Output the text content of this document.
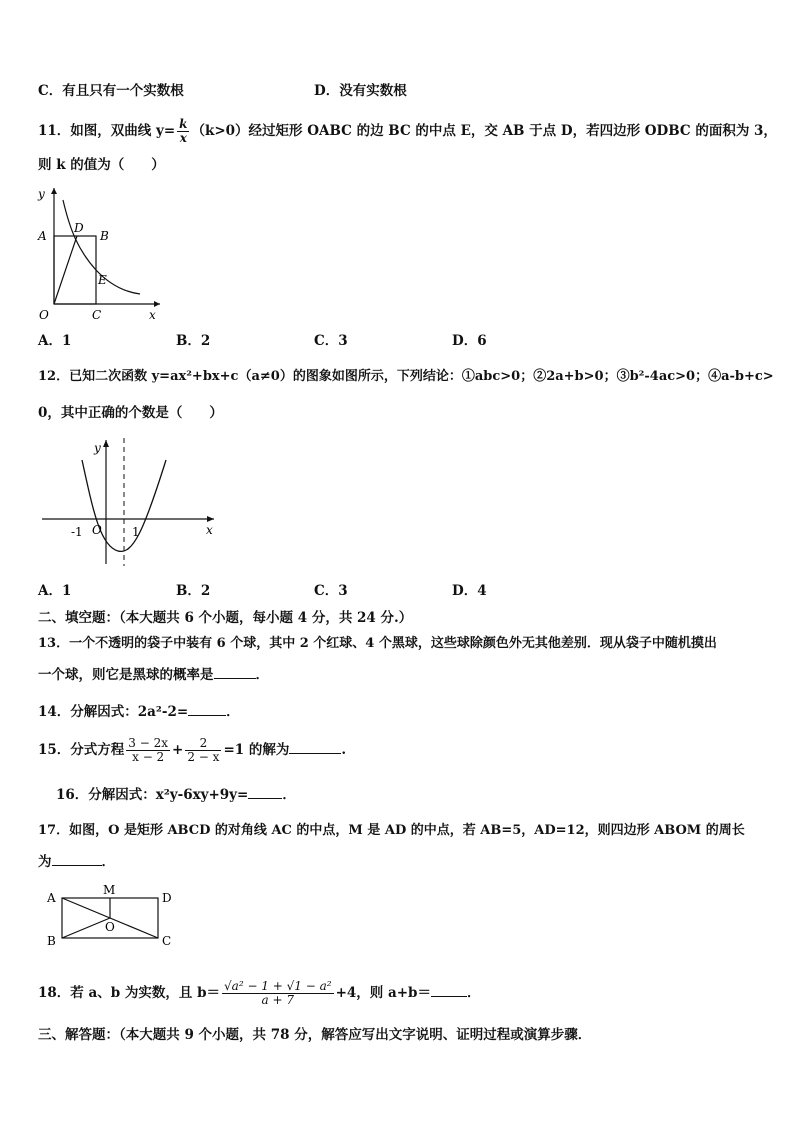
C．有且只有一个实数根	D．没有实数根
11．如图，双曲线 $y= \frac{k}{x} (k>0)$经过矩形 OABC 的边 BC 的中点 E，交 AB 于点 D，若四边形 ODBC 的面积为 3，
则 k 的值为（　　）
y
A
D
B
E
O	C	x
A．1	B．2	C．3	D．6
12．已知二次函数 y=ax²+bx+c（a≠0）的图象如图所示，下列结论：①abc>0；②2a+b>0；③b²-4ac>0；④a-b+c>
0，其中正确的个数是（　　）
y
x
-1 O	1
A．1	B．2	C．3	D．4
二、填空题：（本大题共 6 个小题，每小题 4 分，共 24 分.）
13．一个不透明的袋子中装有 6 个球，其中 2 个红球、4 个黑球，这些球除颜色外无其他差别．现从袋子中随机摸出
一个球，则它是黑球的概率是	．
14．分解因式：2a²-2=	．
15．分式方程 $\frac{3 - 2x}{x - 2} + \frac{2}{2 - x} =1$ 的解为	.
16．分解因式：x²y-6xy+9y=	．
17．如图，O 是矩形 ABCD 的对角线 AC 的中点，M 是 AD 的中点，若 AB=5，AD=12，则四边形 ABOM 的周长
为	．
A
M
D
B
O
C
18．若 a、b 为实数，且 $b= \frac{\text{√a² − 1 + √1 − a²}}{a + 7} +4$，则 a+b＝	．
三、解答题：（本大题共 9 个小题，共 78 分，解答应写出文字说明、证明过程或演算步骤．
